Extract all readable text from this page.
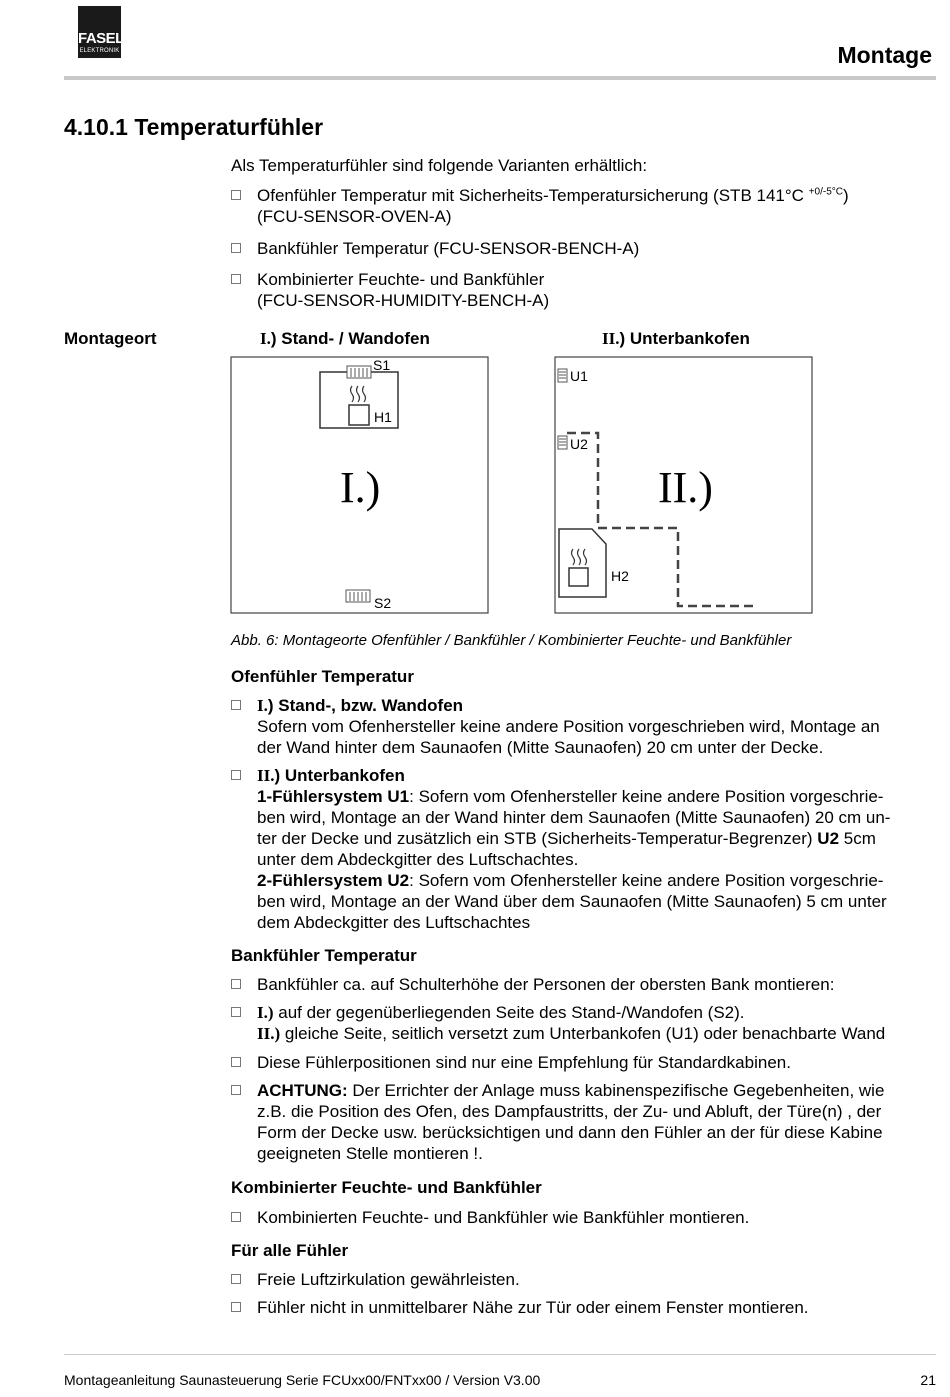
FASEL
ELEKTRONIK	Montage
4.10.1 Temperaturfühler
Als Temperaturfühler sind folgende Varianten erhältlich:
Ofenfühler Temperatur mit Sicherheits-Temperatursicherung (STB 141°C $^{+0/-5^\circ C}$)
(FCU-SENSOR-OVEN-A)
Bankfühler Temperatur (FCU-SENSOR-BENCH-A)
Kombinierter Feuchte- und Bankfühler
(FCU-SENSOR-HUMIDITY-BENCH-A)
Montageort	I.) Stand- / Wandofen	II.) Unterbankofen
S1
H1
S2
I.)
U1
U2
H2
II.)
Abb. 6: Montageorte Ofenfühler / Bankfühler / Kombinierter Feuchte- und Bankfühler
Ofenfühler Temperatur
I.) Stand-, bzw. Wandofen
Sofern vom Ofenhersteller keine andere Position vorgeschrieben wird, Montage an
der Wand hinter dem Saunaofen (Mitte Saunaofen) 20 cm unter der Decke.
II.) Unterbankofen
1-Fühlersystem U1: Sofern vom Ofenhersteller keine andere Position vorgeschrie-
ben wird, Montage an der Wand hinter dem Saunaofen (Mitte Saunaofen) 20 cm un-
ter der Decke und zusätzlich ein STB (Sicherheits-Temperatur-Begrenzer) U2 5cm
unter dem Abdeckgitter des Luftschachtes.
2-Fühlersystem U2: Sofern vom Ofenhersteller keine andere Position vorgeschrie-
ben wird, Montage an der Wand über dem Saunaofen (Mitte Saunaofen) 5 cm unter
dem Abdeckgitter des Luftschachtes
Bankfühler Temperatur
Bankfühler ca. auf Schulterhöhe der Personen der obersten Bank montieren:
I.) auf der gegenüberliegenden Seite des Stand-/Wandofen (S2).
II.) gleiche Seite, seitlich versetzt zum Unterbankofen (U1) oder benachbarte Wand
Diese Fühlerpositionen sind nur eine Empfehlung für Standardkabinen.
ACHTUNG: Der Errichter der Anlage muss kabinenspezifische Gegebenheiten, wie
z.B. die Position des Ofen, des Dampfaustritts, der Zu- und Abluft, der Türe(n) , der
Form der Decke usw. berücksichtigen und dann den Fühler an der für diese Kabine
geeigneten Stelle montieren !.
Kombinierter Feuchte- und Bankfühler
Kombinierten Feuchte- und Bankfühler wie Bankfühler montieren.
Für alle Fühler
Freie Luftzirkulation gewährleisten.
Fühler nicht in unmittelbarer Nähe zur Tür oder einem Fenster montieren.
Montageanleitung Saunasteuerung Serie FCUxx00/FNTxx00 / Version V3.00	21
